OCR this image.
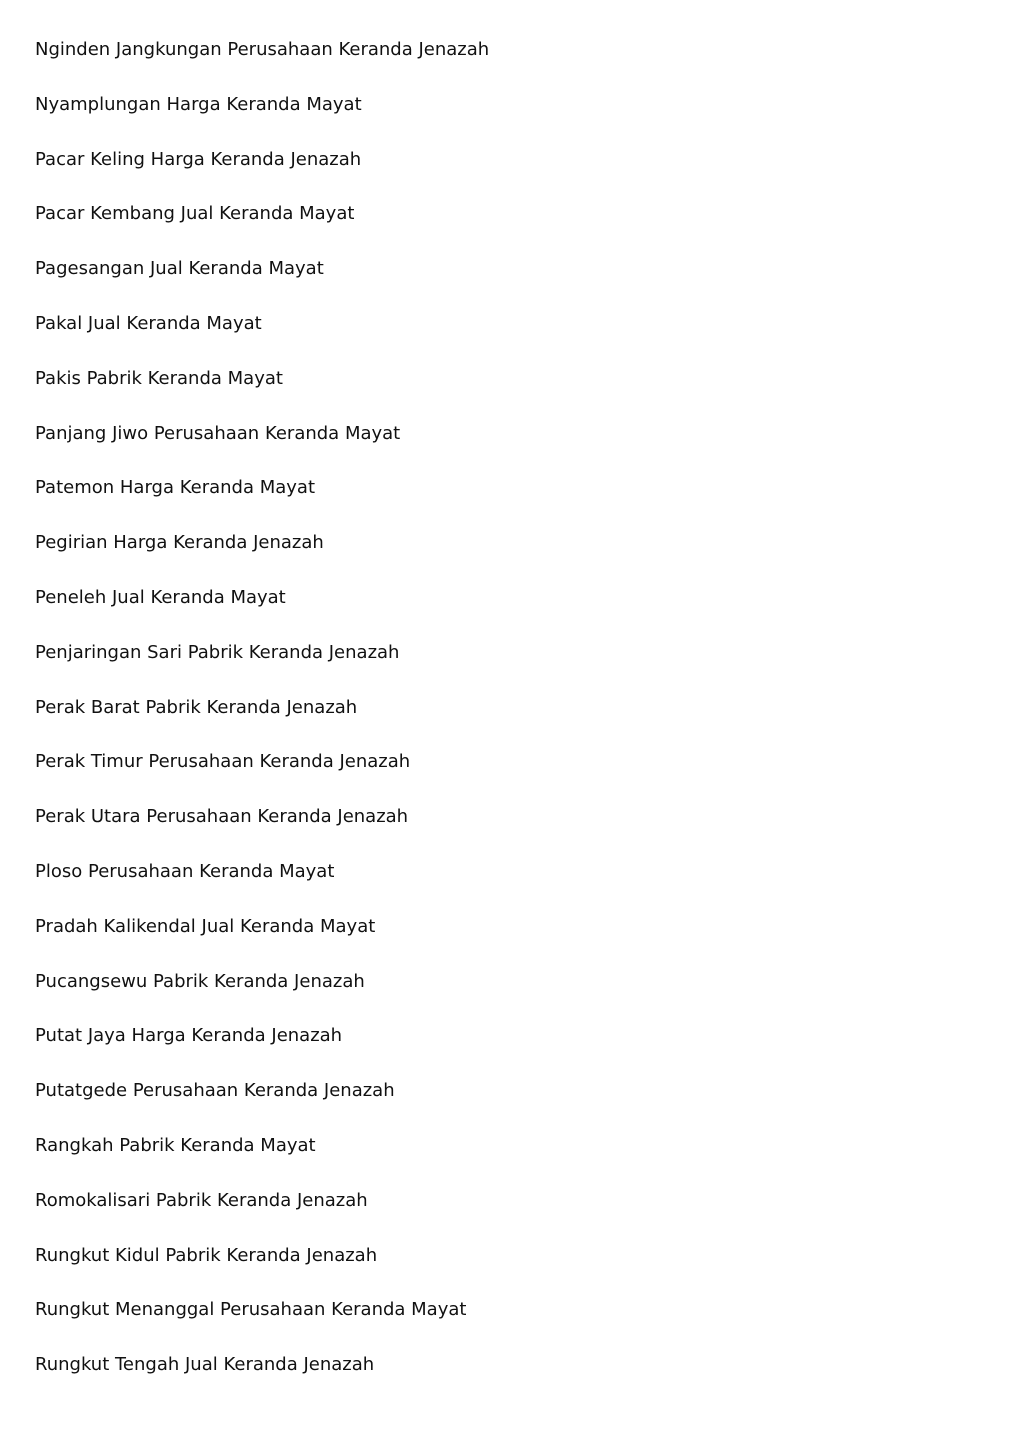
Nginden Jangkungan Perusahaan Keranda Jenazah
Nyamplungan Harga Keranda Mayat
Pacar Keling Harga Keranda Jenazah
Pacar Kembang Jual Keranda Mayat
Pagesangan Jual Keranda Mayat
Pakal Jual Keranda Mayat
Pakis Pabrik Keranda Mayat
Panjang Jiwo Perusahaan Keranda Mayat
Patemon Harga Keranda Mayat
Pegirian Harga Keranda Jenazah
Peneleh Jual Keranda Mayat
Penjaringan Sari Pabrik Keranda Jenazah
Perak Barat Pabrik Keranda Jenazah
Perak Timur Perusahaan Keranda Jenazah
Perak Utara Perusahaan Keranda Jenazah
Ploso Perusahaan Keranda Mayat
Pradah Kalikendal Jual Keranda Mayat
Pucangsewu Pabrik Keranda Jenazah
Putat Jaya Harga Keranda Jenazah
Putatgede Perusahaan Keranda Jenazah
Rangkah Pabrik Keranda Mayat
Romokalisari Pabrik Keranda Jenazah
Rungkut Kidul Pabrik Keranda Jenazah
Rungkut Menanggal Perusahaan Keranda Mayat
Rungkut Tengah Jual Keranda Jenazah
